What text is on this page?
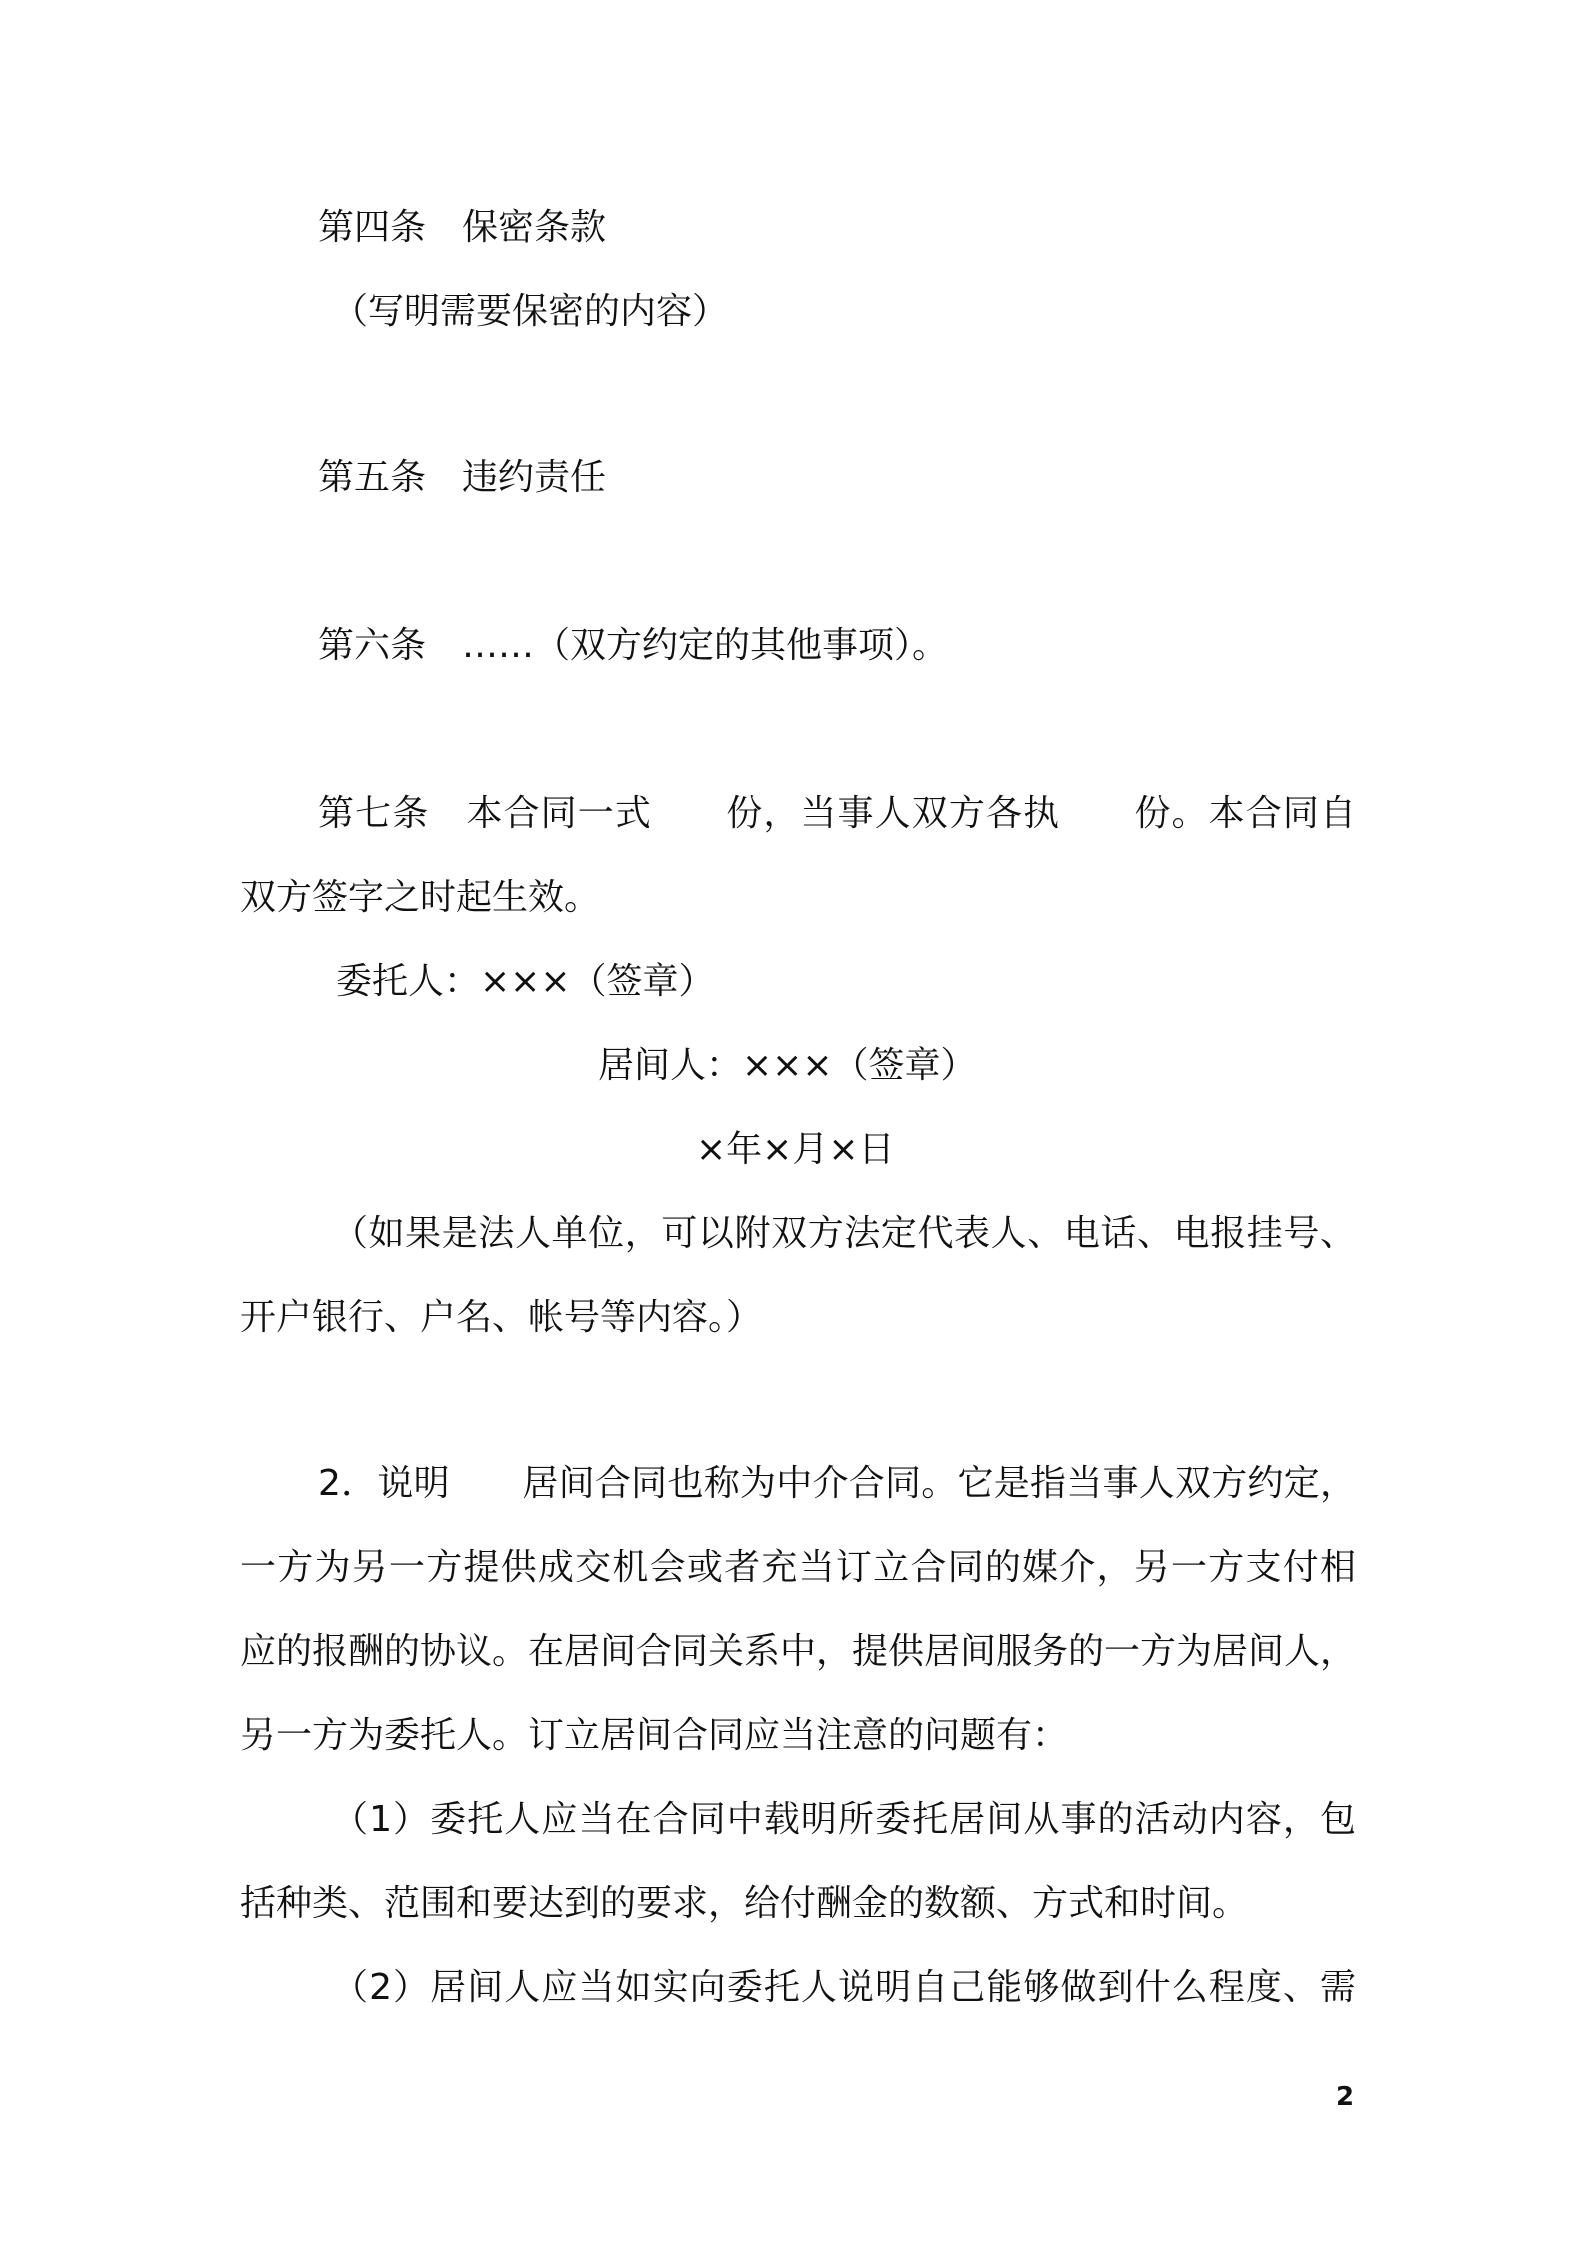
第四条　保密条款

（写明需要保密的内容）

第五条　违约责任

第六条　……（双方约定的其他事项）。

第七条　本合同一式　　份，当事人双方各执　　份。本合同自

双方签字之时起生效。

委托人：×××（签章）

居间人：×××（签章）

×年×月×日

（如果是法人单位，可以附双方法定代表人、电话、电报挂号、

开户银行、户名、帐号等内容。）

2．说明　　居间合同也称为中介合同。它是指当事人双方约定，

一方为另一方提供成交机会或者充当订立合同的媒介，另一方支付相

应的报酬的协议。在居间合同关系中，提供居间服务的一方为居间人，

另一方为委托人。订立居间合同应当注意的问题有：

（1）委托人应当在合同中载明所委托居间从事的活动内容，包

括种类、范围和要达到的要求，给付酬金的数额、方式和时间。

（2）居间人应当如实向委托人说明自己能够做到什么程度、需

2
